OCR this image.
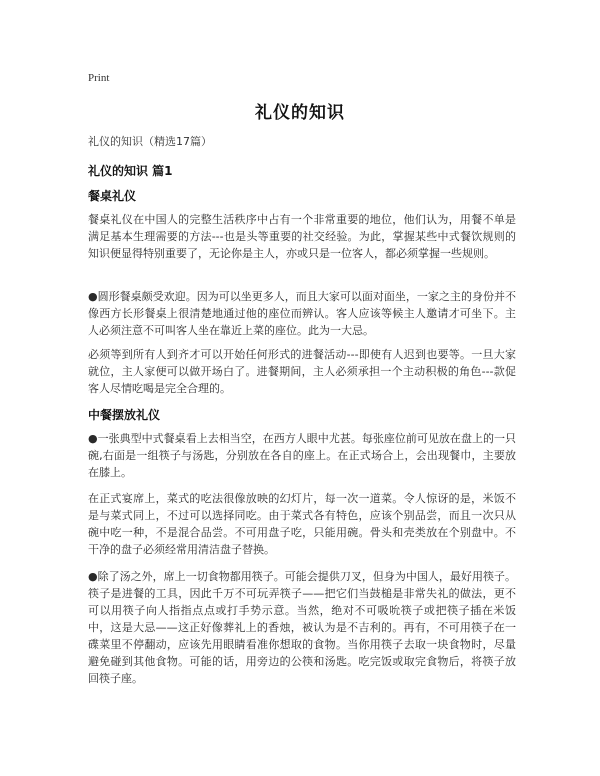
Print
礼仪的知识
礼仪的知识（精选17篇）
礼仪的知识 篇1
餐桌礼仪
餐桌礼仪在中国人的完整生活秩序中占有一个非常重要的地位，他们认为，用餐不单是满足基本生理需要的方法---也是头等重要的社交经验。为此，掌握某些中式餐饮规则的知识便显得特别重要了，无论你是主人，亦或只是一位客人，都必须掌握一些规则。
●圆形餐桌颇受欢迎。因为可以坐更多人，而且大家可以面对面坐，一家之主的身份并不像西方长形餐桌上很清楚地通过他的座位而辨认。客人应该等候主人邀请才可坐下。主人必须注意不可叫客人坐在靠近上菜的座位。此为一大忌。
必须等到所有人到齐才可以开始任何形式的进餐活动---即使有人迟到也要等。一旦大家就位，主人家便可以做开场白了。进餐期间，主人必须承担一个主动积极的角色---款促客人尽情吃喝是完全合理的。
中餐摆放礼仪
●一张典型中式餐桌看上去相当空，在西方人眼中尤甚。每张座位前可见放在盘上的一只碗,右面是一组筷子与汤匙，分别放在各自的座上。在正式场合上，会出现餐巾，主要放在膝上。
在正式宴席上，菜式的吃法很像放映的幻灯片，每一次一道菜。令人惊讶的是，米饭不是与菜式同上，不过可以选择同吃。由于菜式各有特色，应该个别品尝，而且一次只从碗中吃一种，不是混合品尝。不可用盘子吃，只能用碗。骨头和壳类放在个别盘中。不干净的盘子必须经常用清洁盘子替换。
●除了汤之外，席上一切食物都用筷子。可能会提供刀叉，但身为中国人，最好用筷子。筷子是进餐的工具，因此千万不可玩弄筷子——把它们当鼓槌是非常失礼的做法，更不可以用筷子向人指指点点或打手势示意。当然，绝对不可吸吮筷子或把筷子插在米饭中，这是大忌——这正好像葬礼上的香烛，被认为是不吉利的。再有，不可用筷子在一碟菜里不停翻动，应该先用眼睛看准你想取的食物。当你用筷子去取一块食物时，尽量避免碰到其他食物。可能的话，用旁边的公筷和汤匙。吃完饭或取完食物后，将筷子放回筷子座。
